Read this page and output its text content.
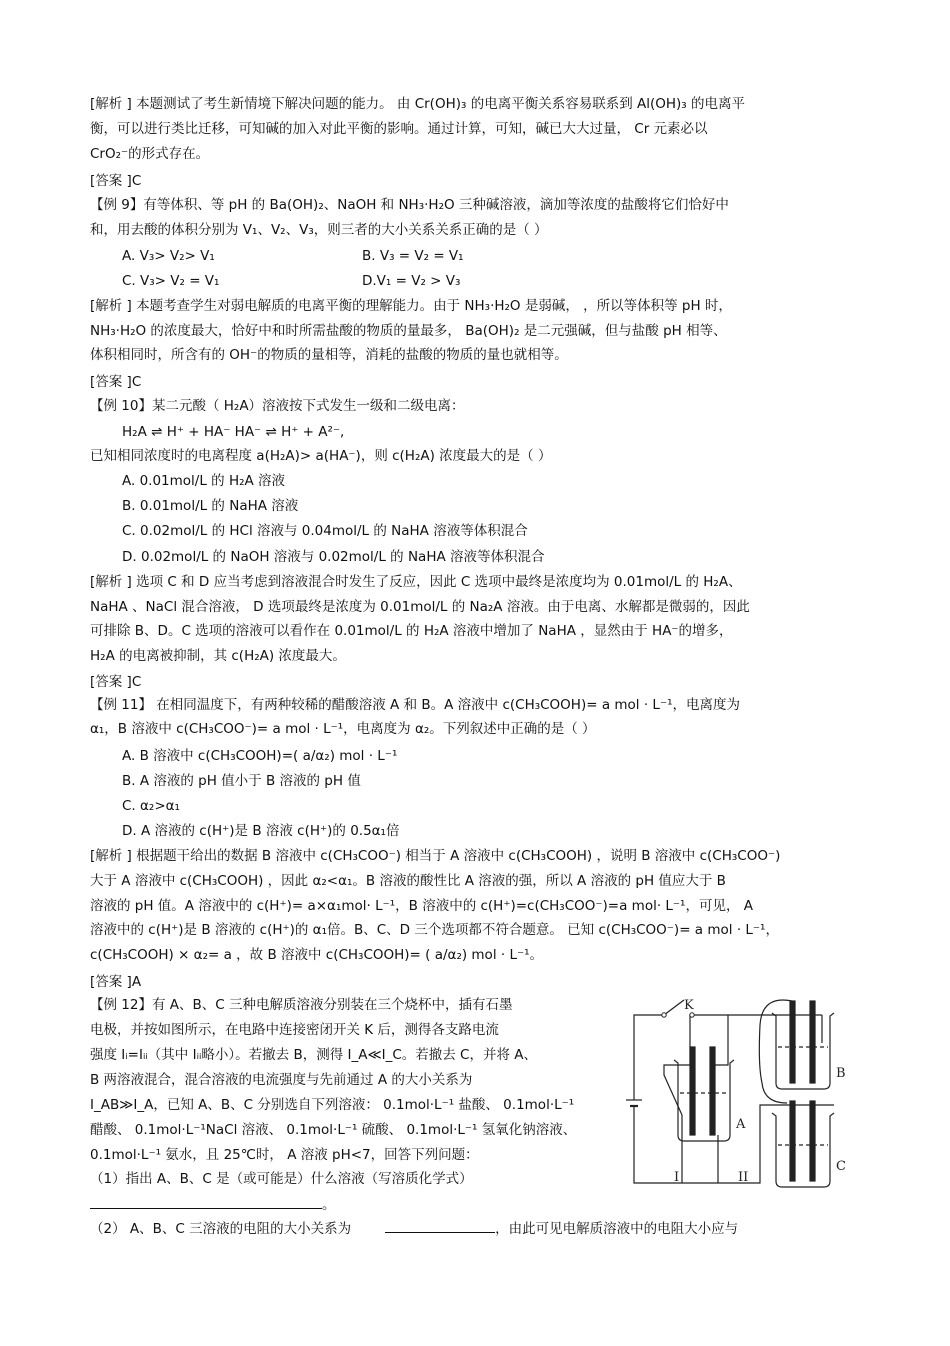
[解析 ] 本题测试了考生新情境下解决问题的能力。 由 Cr(OH)₃ 的电离平衡关系容易联系到 Al(OH)₃ 的电离平
衡，可以进行类比迁移，可知碱的加入对此平衡的影响。通过计算，可知，碱已大大过量， Cr 元素必以
CrO₂⁻的形式存在。
[答案 ]C
【例 9】有等体积、等 pH 的 Ba(OH)₂、NaOH 和 NH₃·H₂O 三种碱溶液，滴加等浓度的盐酸将它们恰好中
和，用去酸的体积分别为 V₁、V₂、V₃，则三者的大小关系关系正确的是（ ）
A. V₃> V₂> V₁	B. V₃ = V₂ = V₁
C. V₃> V₂ = V₁	D.V₁ = V₂ > V₃
[解析 ] 本题考查学生对弱电解质的电离平衡的理解能力。由于 NH₃·H₂O 是弱碱， ，所以等体积等 pH 时，
NH₃·H₂O 的浓度最大，恰好中和时所需盐酸的物质的量最多， Ba(OH)₂ 是二元强碱，但与盐酸 pH 相等、
体积相同时，所含有的 OH⁻的物质的量相等，消耗的盐酸的物质的量也就相等。
[答案 ]C
【例 10】某二元酸（ H₂A）溶液按下式发生一级和二级电离：
H₂A ⇌ H⁺ + HA⁻ HA⁻ ⇌ H⁺ + A²⁻,
已知相同浓度时的电离程度 a(H₂A)> a(HA⁻)，则 c(H₂A) 浓度最大的是（ ）
A. 0.01mol/L 的 H₂A 溶液
B. 0.01mol/L 的 NaHA 溶液
C. 0.02mol/L 的 HCl 溶液与 0.04mol/L 的 NaHA 溶液等体积混合
D. 0.02mol/L 的 NaOH 溶液与 0.02mol/L 的 NaHA 溶液等体积混合
[解析 ] 选项 C 和 D 应当考虑到溶液混合时发生了反应，因此 C 选项中最终是浓度均为 0.01mol/L 的 H₂A、
NaHA 、NaCl 混合溶液， D 选项最终是浓度为 0.01mol/L 的 Na₂A 溶液。由于电离、水解都是微弱的，因此
可排除 B、D。C 选项的溶液可以看作在 0.01mol/L 的 H₂A 溶液中增加了 NaHA ，显然由于 HA⁻的增多，
H₂A 的电离被抑制，其 c(H₂A) 浓度最大。
[答案 ]C
【例 11】 在相同温度下，有两种较稀的醋酸溶液 A 和 B。A 溶液中 c(CH₃COOH)= a mol · L⁻¹，电离度为
α₁，B 溶液中 c(CH₃COO⁻)= a mol · L⁻¹，电离度为 α₂。下列叙述中正确的是（ ）
A. B 溶液中 c(CH₃COOH)=( a/α₂) mol · L⁻¹
B. A 溶液的 pH 值小于 B 溶液的 pH 值
C. α₂>α₁
D. A 溶液的 c(H⁺)是 B 溶液 c(H⁺)的 0.5α₁倍
[解析 ] 根据题干给出的数据 B 溶液中 c(CH₃COO⁻) 相当于 A 溶液中 c(CH₃COOH) ，说明 B 溶液中 c(CH₃COO⁻)
大于 A 溶液中 c(CH₃COOH) ，因此 α₂<α₁。B 溶液的酸性比 A 溶液的强，所以 A 溶液的 pH 值应大于 B
溶液的 pH 值。A 溶液中的 c(H⁺)= a×α₁mol· L⁻¹，B 溶液中的 c(H⁺)=c(CH₃COO⁻)=a mol· L⁻¹，可见， A
溶液中的 c(H⁺)是 B 溶液的 c(H⁺)的 α₁倍。B、C、D 三个选项都不符合题意。 已知 c(CH₃COO⁻)= a mol · L⁻¹，
c(CH₃COOH) × α₂= a ，故 B 溶液中 c(CH₃COOH)= ( a/α₂) mol · L⁻¹。
[答案 ]A
【例 12】有 A、B、C 三种电解质溶液分别装在三个烧杯中，插有石墨
电极，并按如图所示，在电路中连接密闭开关 K 后，测得各支路电流
强度 Iᵢ=Iᵢᵢ（其中 Iᵢᵢ略小）。若撤去 B，测得 I_A≪I_C。若撤去 C，并将 A、
B 两溶液混合，混合溶液的电流强度与先前通过 A 的大小关系为
I_AB≫I_A，已知 A、B、C 分别选自下列溶液： 0.1mol·L⁻¹ 盐酸、 0.1mol·L⁻¹
醋酸、 0.1mol·L⁻¹NaCl 溶液、 0.1mol·L⁻¹ 硫酸、 0.1mol·L⁻¹ 氢氧化钠溶液、
0.1mol·L⁻¹ 氨水，且 25℃时， A 溶液 pH<7，回答下列问题：
（1）指出 A、B、C 是（或可能是）什么溶液（写溶质化学式）
。
（2） A、B、C 三溶液的电阻的大小关系为	，由此可见电解质溶液中的电阻大小应与
K
A
B
C
I	II
